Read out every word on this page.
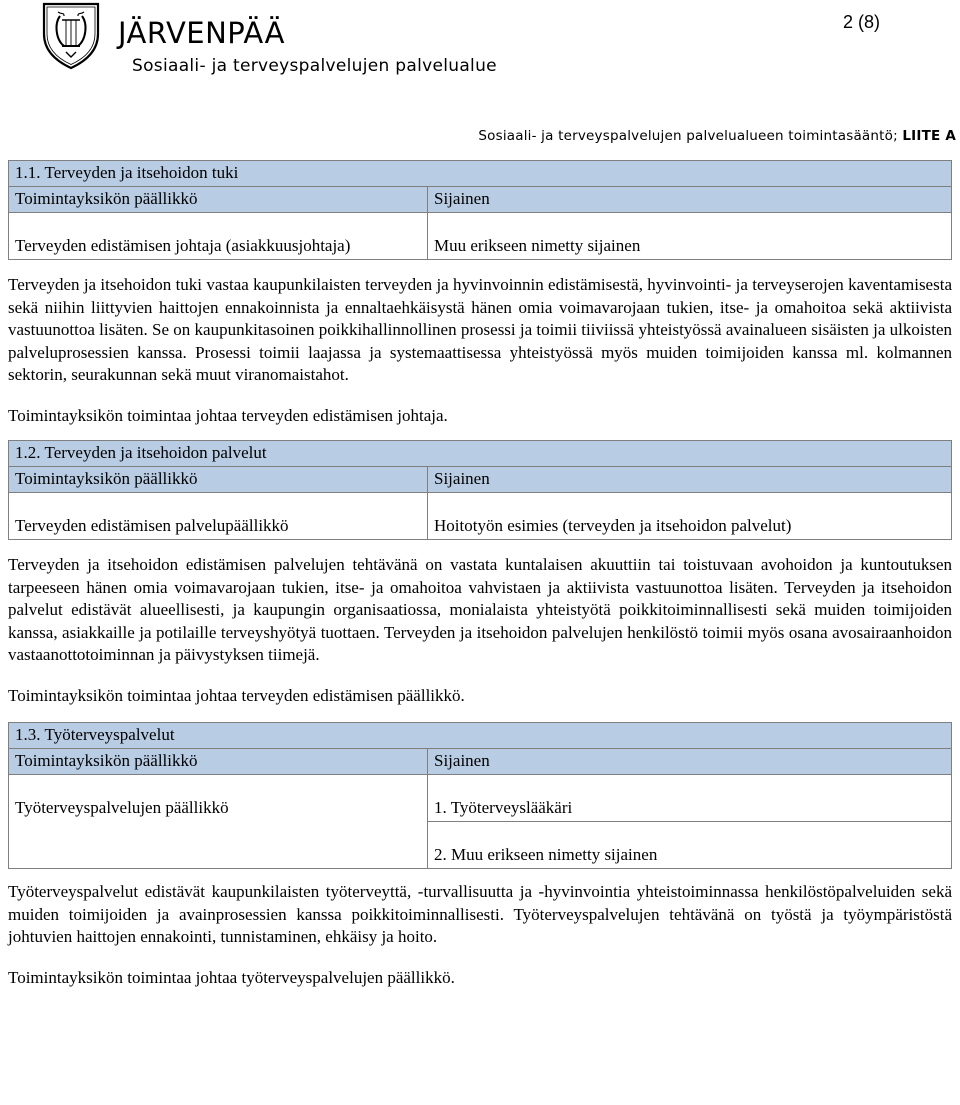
JÄRVENPÄÄ
Sosiaali- ja terveyspalvelujen palvelualue
2 (8)
Sosiaali- ja terveyspalvelujen palvelualueen toimintasääntö; LIITE A
1.1. Terveyden ja itsehoidon tuki	
Toimintayksikön päällikkö	Sijainen
Terveyden edistämisen johtaja (asiakkuusjohtaja)	Muu erikseen nimetty sijainen

Terveyden ja itsehoidon tuki vastaa kaupunkilaisten terveyden ja hyvinvoinnin edistämisestä, hyvinvointi- ja terveyserojen kaventamisesta sekä niihin liittyvien haittojen ennakoinnista ja ennaltaehkäisystä hänen omia voimavarojaan tukien, itse- ja omahoitoa sekä aktiivista vastuunottoa lisäten. Se on kaupunkitasoinen poikkihallinnollinen prosessi ja toimii tiiviissä yhteistyössä avainalueen sisäisten ja ulkoisten palveluprosessien kanssa. Prosessi toimii laajassa ja systemaattisessa yhteistyössä myös muiden toimijoiden kanssa ml. kolmannen sektorin, seurakunnan sekä muut viranomaistahot.

Toimintayksikön toimintaa johtaa terveyden edistämisen johtaja.

1.2. Terveyden ja itsehoidon palvelut	
Toimintayksikön päällikkö	Sijainen
Terveyden edistämisen palvelupäällikkö	Hoitotyön esimies (terveyden ja itsehoidon palvelut)

Terveyden ja itsehoidon edistämisen palvelujen tehtävänä on vastata kuntalaisen akuuttiin tai toistuvaan avohoidon ja kuntoutuksen tarpeeseen hänen omia voimavarojaan tukien, itse- ja omahoitoa vahvistaen ja aktiivista vastuunottoa lisäten. Terveyden ja itsehoidon palvelut edistävät alueellisesti, ja kaupungin organisaatiossa, monialaista yhteistyötä poikkitoiminnallisesti sekä muiden toimijoiden kanssa, asiakkaille ja potilaille terveyshyötyä tuottaen. Terveyden ja itsehoidon palvelujen henkilöstö toimii myös osana avosairaanhoidon vastaanottotoiminnan ja päivystyksen tiimejä.

Toimintayksikön toimintaa johtaa terveyden edistämisen päällikkö.

1.3. Työterveyspalvelut	
Toimintayksikön päällikkö	Sijainen
Työterveyspalvelujen päällikkö	1. Työterveyslääkäri
	2. Muu erikseen nimetty sijainen

Työterveyspalvelut edistävät kaupunkilaisten työterveyttä, -turvallisuutta ja -hyvinvointia yhteistoiminnassa henkilöstöpalveluiden sekä muiden toimijoiden ja avainprosessien kanssa poikkitoiminnallisesti. Työterveyspalvelujen tehtävänä on työstä ja työympäristöstä johtuvien haittojen ennakointi, tunnistaminen, ehkäisy ja hoito.

Toimintayksikön toimintaa johtaa työterveyspalvelujen päällikkö.
